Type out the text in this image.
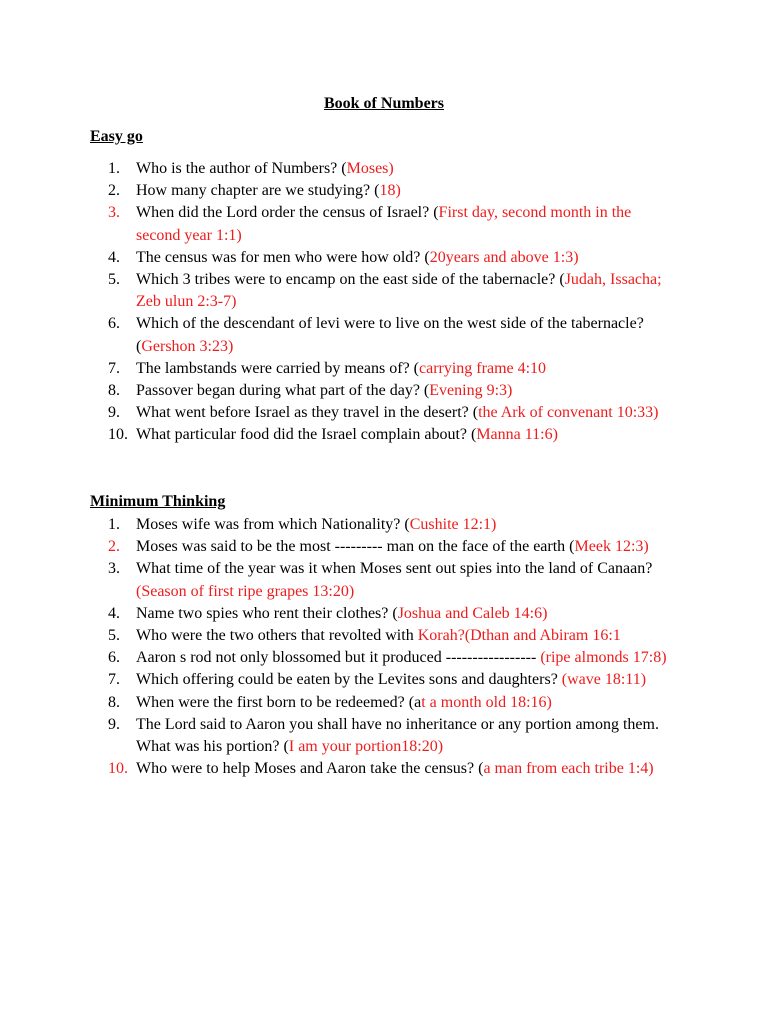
Book of Numbers
Easy go
1.	Who is the author of Numbers? (Moses)
2.	How many chapter are we studying? (18)
3.	When did the Lord order the census of Israel? (First day, second month in the second year 1:1)
4.	The census was for men who were how old? (20years and above 1:3)
5.	Which 3 tribes were to encamp on the east side of the tabernacle? (Judah, Issacha; Zeb ulun 2:3-7)
6.	Which of the descendant of levi were to live on the west side of the tabernacle? (Gershon 3:23)
7.	The lambstands were carried by means of? (carrying frame 4:10
8.	Passover began during what part of the day? (Evening 9:3)
9.	What went before Israel as they travel in the desert? (the Ark of convenant 10:33)
10. What particular food did the Israel complain about? (Manna 11:6)
Minimum Thinking
1.	Moses wife was from which Nationality? (Cushite 12:1)
2.	Moses was said to be the most --------- man on the face of the earth (Meek 12:3)
3.	What time of the year was it when Moses sent out spies into the land of Canaan? (Season of first ripe grapes 13:20)
4.	Name two spies who rent their clothes? (Joshua and Caleb 14:6)
5.	Who were the two others that revolted with Korah?(Dthan and Abiram 16:1
6.	Aaron s rod not only blossomed but it produced ----------------- (ripe almonds 17:8)
7.	Which offering could be eaten by the Levites sons and daughters? (wave 18:11)
8.	When were the first born to be redeemed? (at a month old 18:16)
9.	The Lord said to Aaron you shall have no inheritance or any portion among them. What was his portion? (I am your portion18:20)
10. Who were to help Moses and Aaron take the census? (a man from each tribe 1:4)
